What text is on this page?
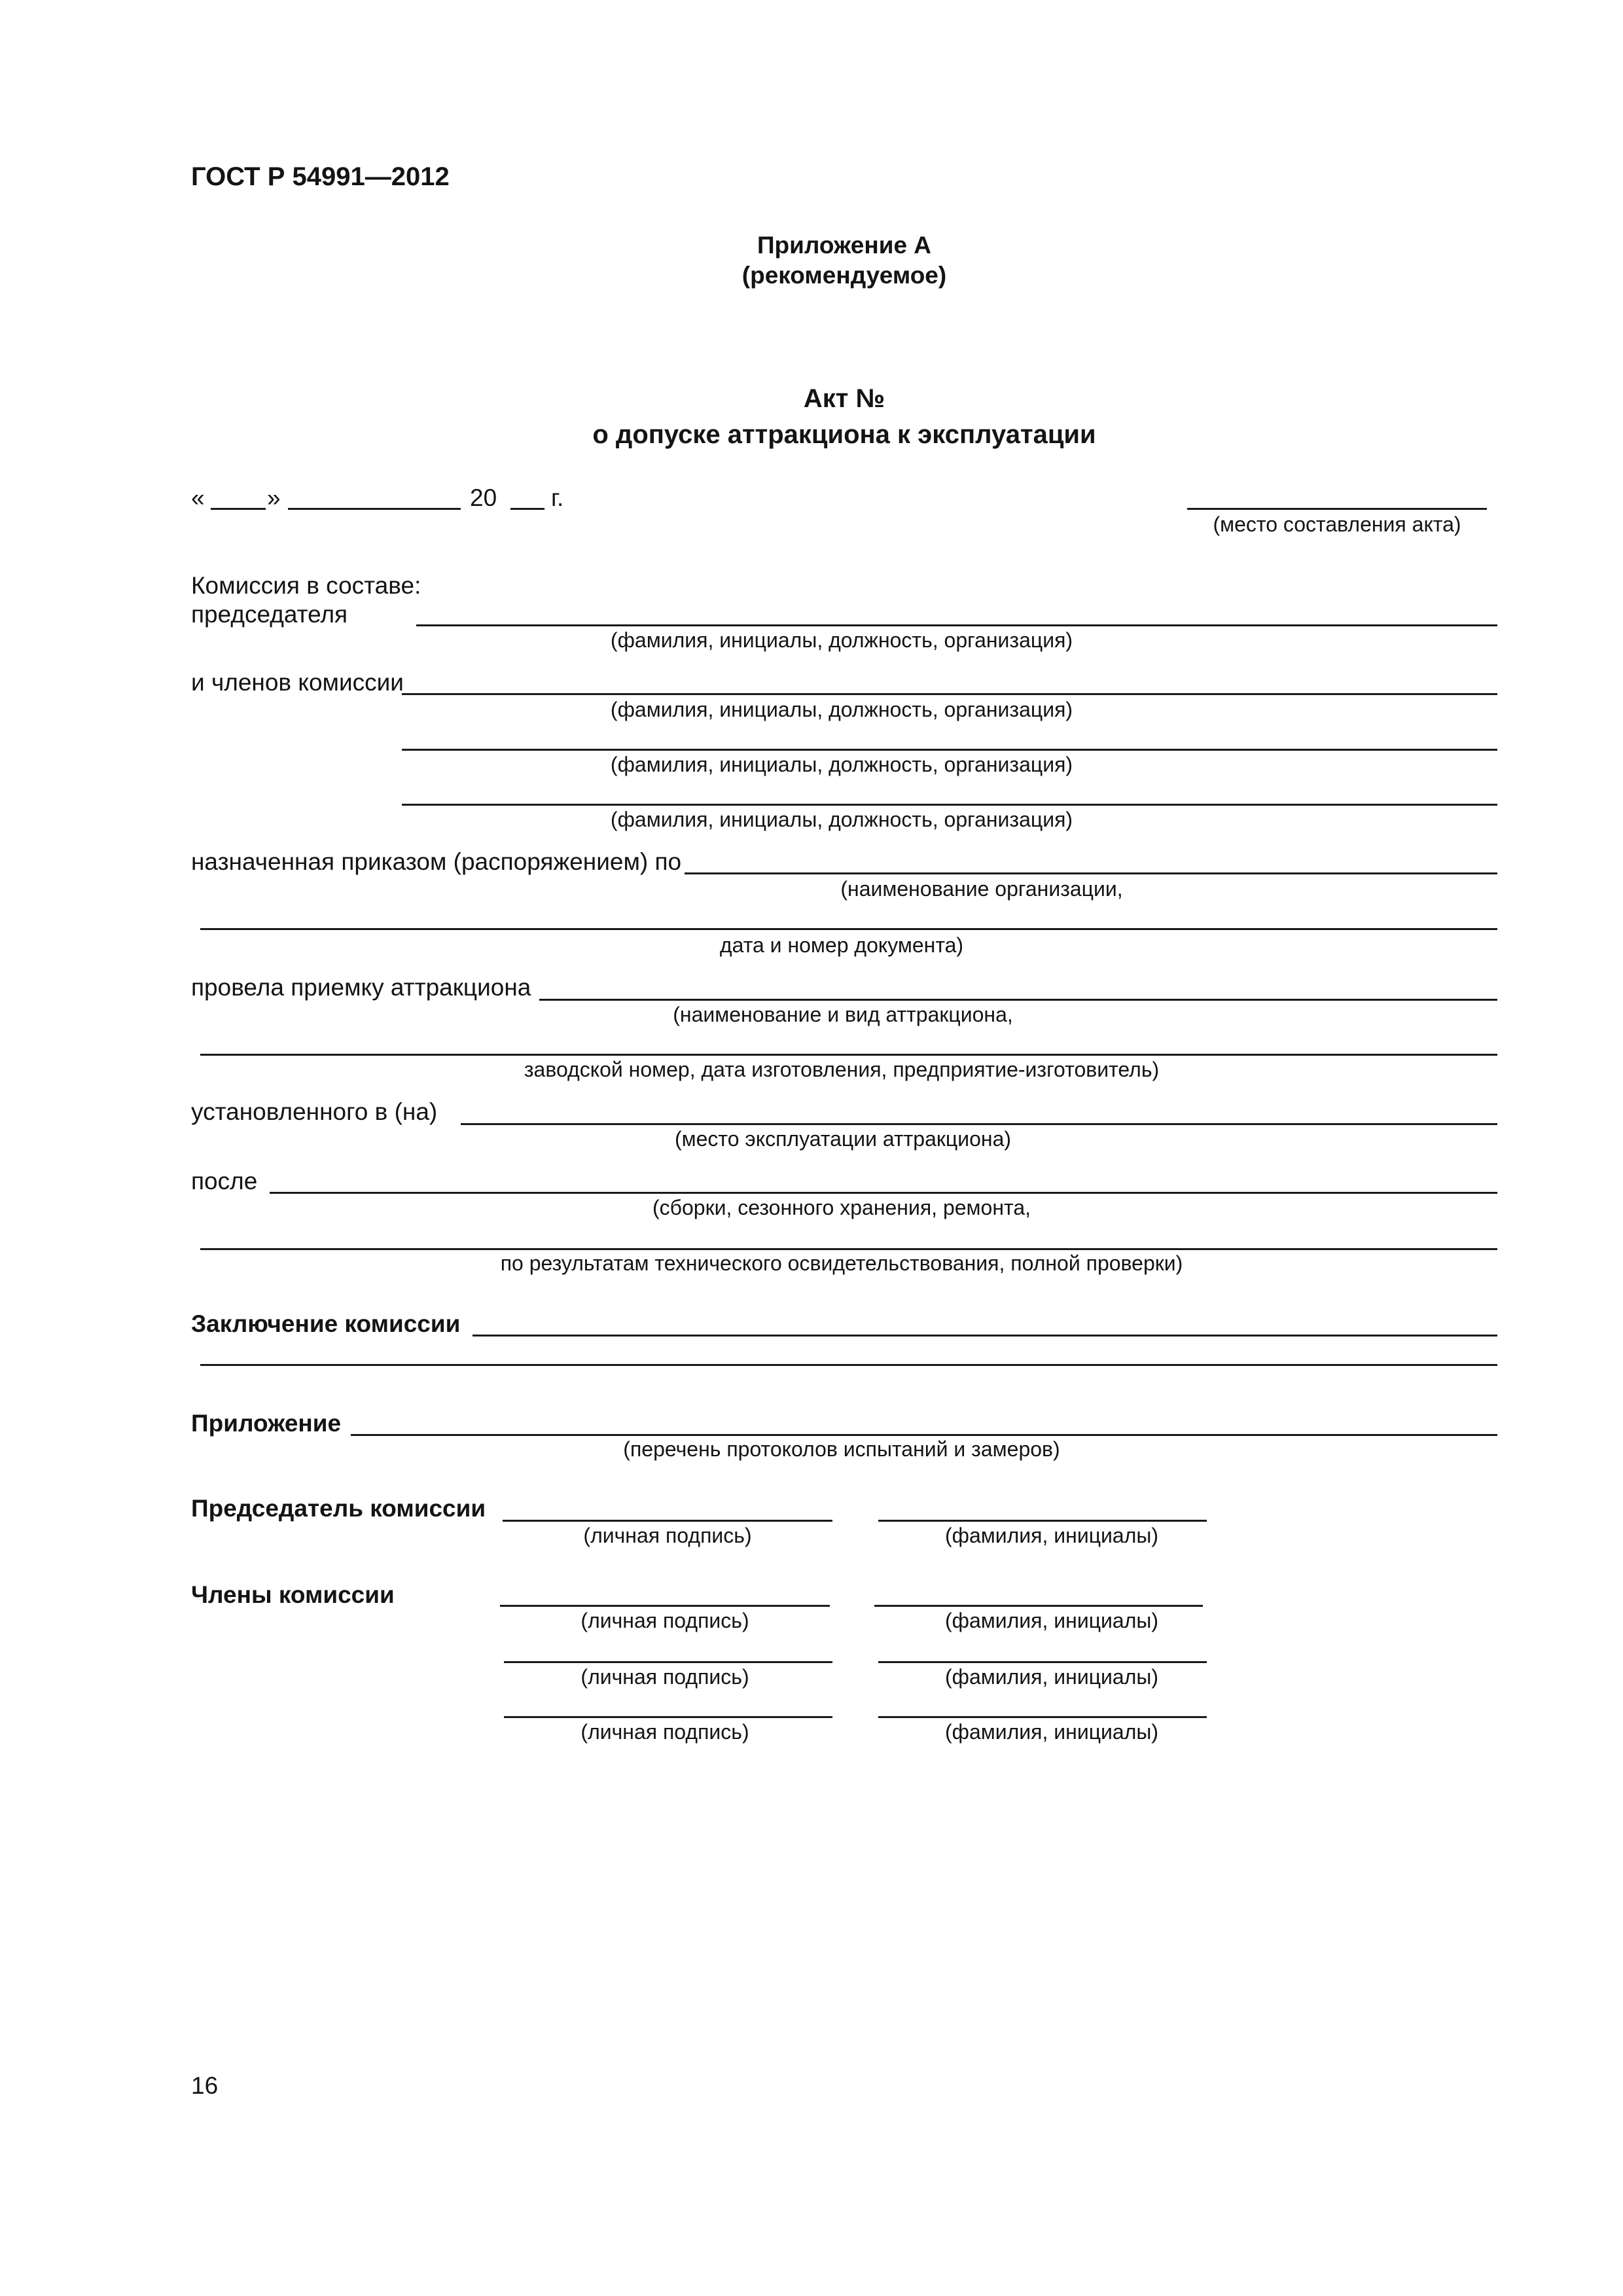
ГОСТ Р 54991—2012
Приложение А
(рекомендуемое)
Акт №
о допуске аттракциона к эксплуатации
«	»	20 г.
(место составления акта)
Комиссия в составе:
председателя
(фамилия, инициалы, должность, организация)
и членов комиссии
(фамилия, инициалы, должность, организация)
(фамилия, инициалы, должность, организация)
(фамилия, инициалы, должность, организация)
назначенная приказом (распоряжением) по
(наименование организации,
дата и номер документа)
провела приемку аттракциона
(наименование и вид аттракциона,
заводской номер, дата изготовления, предприятие-изготовитель)
установленного в (на)
(место эксплуатации аттракциона)
после
(сборки, сезонного хранения, ремонта,
по результатам технического освидетельствования, полной проверки)
Заключение комиссии
Приложение
(перечень протоколов испытаний и замеров)
Председатель комиссии
(личная подпись)	(фамилия, инициалы)
Члены комиссии
(личная подпись)	(фамилия, инициалы)
(личная подпись)	(фамилия, инициалы)
(личная подпись)	(фамилия, инициалы)
16
